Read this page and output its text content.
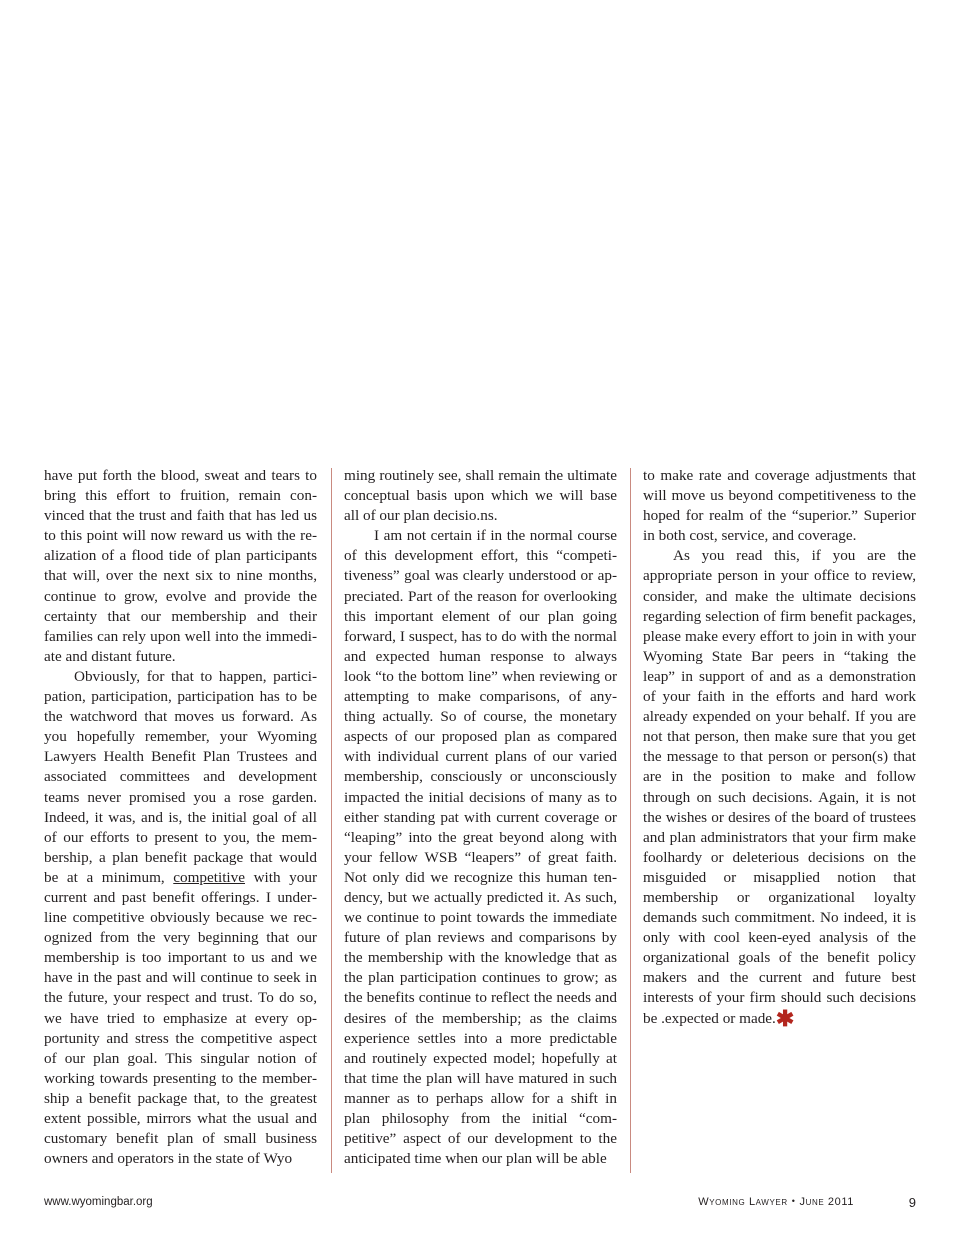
have put forth the blood, sweat and tears to bring this effort to fruition, remain convinced that the trust and faith that has led us to this point will now reward us with the realization of a flood tide of plan participants that will, over the next six to nine months, continue to grow, evolve and provide the certainty that our membership and their families can rely upon well into the immediate and distant future.

Obviously, for that to happen, participation, participation, participation has to be the watchword that moves us forward. As you hopefully remember, your Wyoming Lawyers Health Benefit Plan Trustees and associated committees and development teams never promised you a rose garden. Indeed, it was, and is, the initial goal of all of our efforts to present to you, the membership, a plan benefit package that would be at a minimum, competitive with your current and past benefit offerings. I underline competitive obviously because we recognized from the very beginning that our membership is too important to us and we have in the past and will continue to seek in the future, your respect and trust. To do so, we have tried to emphasize at every opportunity and stress the competitive aspect of our plan goal. This singular notion of working towards presenting to the membership a benefit package that, to the greatest extent possible, mirrors what the usual and customary benefit plan of small business owners and operators in the state of Wyo

ming routinely see, shall remain the ultimate conceptual basis upon which we will base all of our plan decisio.ns.

I am not certain if in the normal course of this development effort, this “competitiveness” goal was clearly understood or appreciated. Part of the reason for overlooking this important element of our plan going forward, I suspect, has to do with the normal and expected human response to always look “to the bottom line” when reviewing or attempting to make comparisons, of anything actually. So of course, the monetary aspects of our proposed plan as compared with individual current plans of our varied membership, consciously or unconsciously impacted the initial decisions of many as to either standing pat with current coverage or “leaping” into the great beyond along with your fellow WSB “leapers” of great faith. Not only did we recognize this human tendency, but we actually predicted it. As such, we continue to point towards the immediate future of plan reviews and comparisons by the membership with the knowledge that as the plan participation continues to grow; as the benefits continue to reflect the needs and desires of the membership; as the claims experience settles into a more predictable and routinely expected model; hopefully at that time the plan will have matured in such manner as to perhaps allow for a shift in plan philosophy from the initial “competitive” aspect of our development to the anticipated time when our plan will be able

to make rate and coverage adjustments that will move us beyond competitiveness to the hoped for realm of the “superior.” Superior in both cost, service, and coverage.

As you read this, if you are the appropriate person in your office to review, consider, and make the ultimate decisions regarding selection of firm benefit packages, please make every effort to join in with your Wyoming State Bar peers in “taking the leap” in support of and as a demonstration of your faith in the efforts and hard work already expended on your behalf. If you are not that person, then make sure that you get the message to that person or person(s) that are in the position to make and follow through on such decisions. Again, it is not the wishes or desires of the board of trustees and plan administrators that your firm make foolhardy or deleterious decisions on the misguided or misapplied notion that membership or organizational loyalty demands such commitment. No indeed, it is only with cool keen-eyed analysis of the organizational goals of the benefit policy makers and the current and future best interests of your firm should such decisions be .expected or made.✱

www.wyomingbar.org	Wyoming Lawyer • June 2011	9
